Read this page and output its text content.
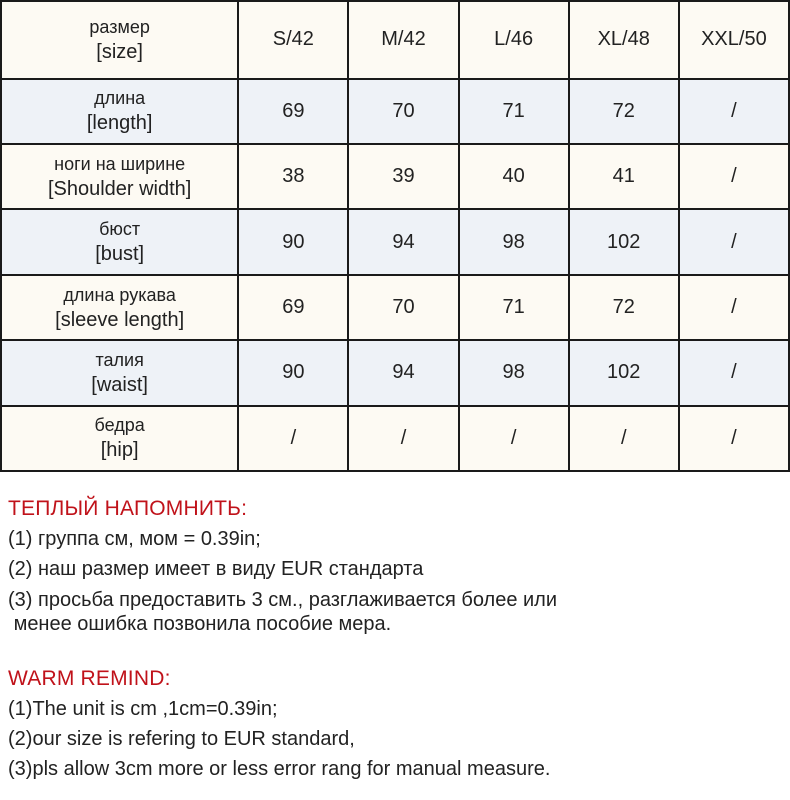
размер
[size]	S/42	M/42	L/46	XL/48	XXL/50

длина
[length]	69	70	71	72	/

ноги на ширине
[Shoulder width]	38	39	40	41	/

бюст
[bust]	90	94	98	102	/

длина рукава
[sleeve length]	69	70	71	72	/

талия
[waist]	90	94	98	102	/

бедра
[hip]	/	/	/	/	/

ТЕПЛЫЙ НАПОМНИТЬ:

(1) группа см, мом = 0.39in;

(2) наш размер имеет в виду EUR стандарта

(3) просьба предоставить 3 см., разглаживается более или
менее ошибка позвонила пособие мера.

WARM REMIND:

(1)The unit is cm ,1cm=0.39in;

(2)our size is refering to EUR standard,

(3)pls allow 3cm more or less error rang for manual measure.
